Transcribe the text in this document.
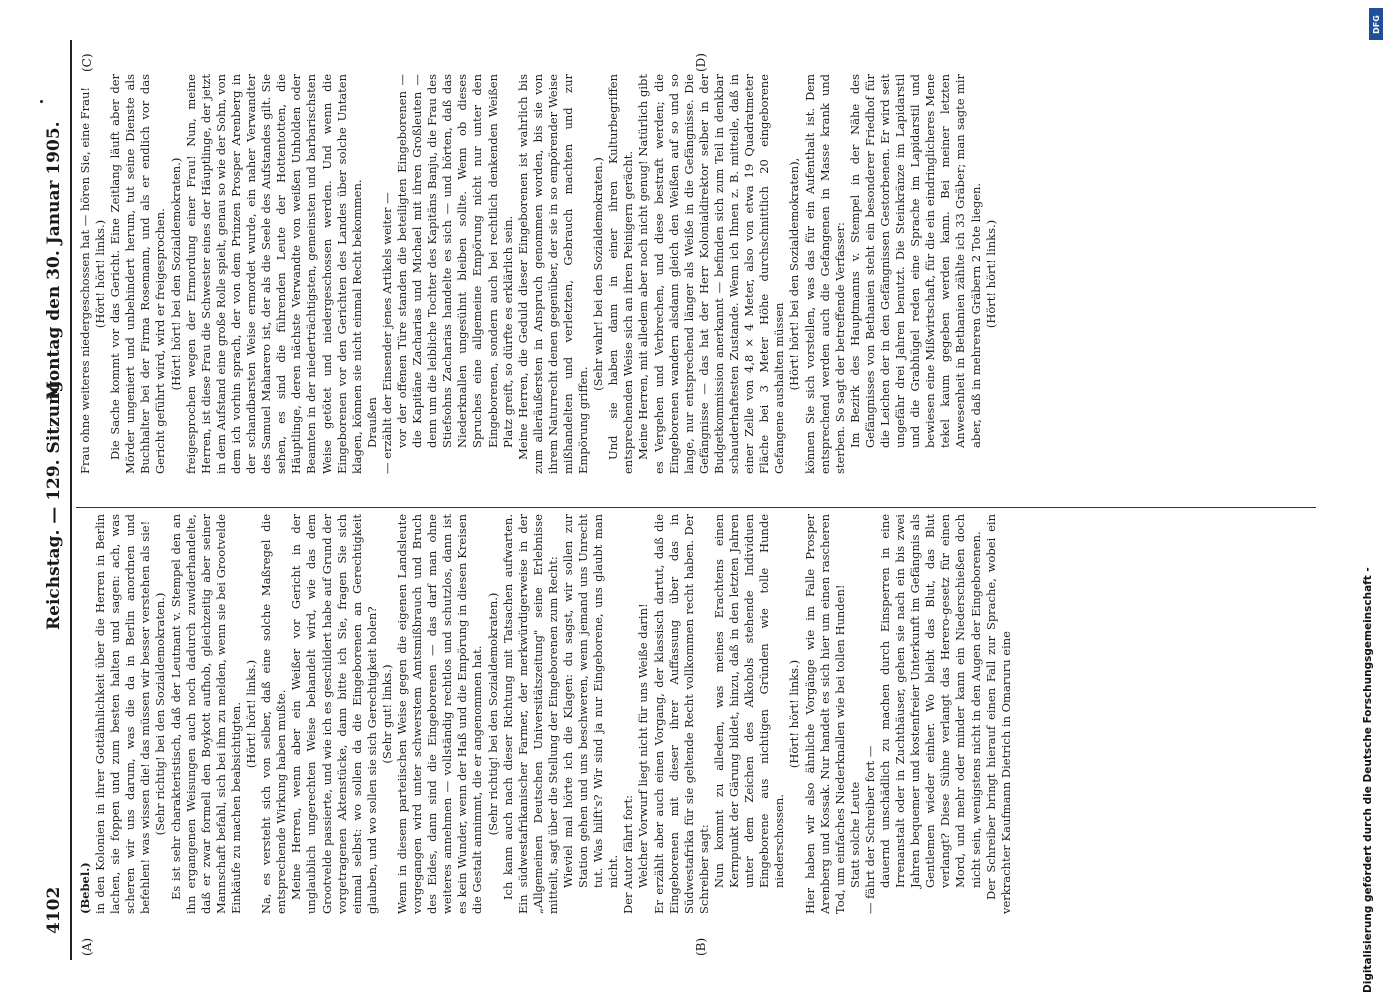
4102
Reichstag. — 129. Sitzung.
Montag den 30. Januar 1905.
(A)	(B)
(C)	(D)

(Bebel.) in den Kolonien in ihrer Gottähnlichkeit über die Herren in Berlin lachen, sie foppen und zum besten halten und sagen: ach, was scheren wir uns darum, was die da in Berlin anordnen und befehlen! was wissen die! das müssen wir besser verstehen als sie! (Sehr richtig! bei den Sozialdemokraten.) Es ist sehr charakteristisch, daß der Leutnant v. Stempel den an ihn ergangenen Weisungen auch noch dadurch zuwiderhandelte, daß er zwar formell den Boykott aufhob, gleichzeitig aber seiner Mannschaft befahl, sich bei ihm zu melden, wenn sie bei Grootvelde Einkäufe zu machen beabsichtigten. (Hört! hört! links.) Na, es versteht sich von selber, daß eine solche Maßregel die entsprechende Wirkung haben mußte. Meine Herren, wenn aber ein Weißer vor Gericht in der unglaublich ungerechten Weise behandelt wird, wie das dem Grootvelde passierte, und wie ich es geschildert habe auf Grund der vorgetragenen Aktenstücke, dann bitte ich Sie, fragen Sie sich einmal selbst: wo sollen da die Eingeborenen an Gerechtigkeit glauben, und wo sollen sie sich Gerechtigkeit holen? (Sehr gut! links.) Wenn in diesem parteiischen Weise gegen die eigenen Landsleute vorgegangen wird unter schwerstem Amtsmißbrauch und Bruch des Eides, dann sind die Eingeborenen — das darf man ohne weiteres annehmen — vollständig rechtlos und schutzlos, dann ist es kein Wunder, wenn der Haß und die Empörung in diesen Kreisen die Gestalt annimmt, die er angenommen hat. (Sehr richtig! bei den Sozialdemokraten.) Ich kann auch nach dieser Richtung mit Tatsachen aufwarten. Ein südwestafrikanischer Farmer, der merkwürdigerweise in der „Allgemeinen Deutschen Universitätszeitung" seine Erlebnisse mitteilt, sagt über die Stellung der Eingeborenen zum Recht: Wieviel mal hörte ich die Klagen: du sagst, wir sollen zur Station gehen und uns beschweren, wenn jemand uns Unrecht tut. Was hilft's? Wir sind ja nur Eingeborene, uns glaubt man nicht. Der Autor fährt fort: Welcher Vorwurf liegt nicht für uns Weiße darin! Er erzählt aber auch einen Vorgang, der klassisch dartut, daß die Eingeborenen mit dieser ihrer Auffassung über das in Südwestafrika für sie geltende Recht vollkommen recht haben. Der Schreiber sagt: Nun kommt zu alledem, was meines Erachtens einen Kernpunkt der Gärung bildet, hinzu, daß in den letzten Jahren unter dem Zeichen des Alkohols stehende Individuen Eingeborene aus nichtigen Gründen wie tolle Hunde niederschossen.

(Hört! hört! links.) Hier haben wir also ähnliche Vorgänge wie im Falle Prosper Arenberg und Kossak. Nur handelt es sich hier um einen rascheren Tod, um einfaches Niederknallen wie bei tollen Hunden! Statt solche Leute — fährt der Schreiber fort — dauernd unschädlich zu machen durch Einsperren in eine Irrenanstalt oder in Zuchthäuser, gehen sie nach ein bis zwei Jahren bequemer und kostenfreier Unterkunft im Gefängnis als Gentlemen wieder einher. Wo bleibt das Blut, das Blut verlangt? Diese Sühne verlangt das Herero-gesetz für einen Mord, und mehr oder minder kann ein Niederschießen doch nicht sein, wenigstens nicht in den Augen der Eingeborenen. Der Schreiber bringt hierauf einen Fall zur Sprache, wobei ein verkrachter Kaufmann Dietrich in Omaruru eine

Frau ohne weiteres niedergeschossen hat — hören Sie, eine Frau! (Hört! hört! links.) Die Sache kommt vor das Gericht. Eine Zeitlang läuft aber der Mörder ungeniert und unbehindert herum, tut seine Dienste als Buchhalter bei der Firma Rosemann, und als er endlich vor das Gericht geführt wird, wird er freigesprochen. (Hört! hört! bei den Sozialdemokraten.) freigesprochen wegen der Ermordung einer Frau! Nun, meine Herren, ist diese Frau die Schwester eines der Häuptlinge, der jetzt in dem Aufstand eine große Rolle spielt, genau so wie der Sohn, von dem ich vorhin sprach, der von dem Prinzen Prosper Arenberg in der schandbarsten Weise ermordet wurde, ein naher Verwandter des Samuel Maharero ist, der als die Seele des Aufstandes gilt. Sie sehen, es sind die führenden Leute der Hottentotten, die Häuptlinge, deren nächste Verwandte von weißen Unholden oder Beamten in der niederträchtigsten, gemeinsten und barbarischsten Weise getötet und niedergeschossen werden. Und wenn die Eingeborenen vor den Gerichten des Landes über solche Untaten klagen, können sie nicht einmal Recht bekommen. Draußen — erzählt der Einsender jenes Artikels weiter — vor der offenen Türe standen die beteiligten Eingeborenen — die Kapitäne Zacharias und Michael mit ihren Großleuten — denn um die leibliche Tochter des Kapitäns Banju, die Frau des Stiefsohns Zacharias handelte es sich — und hörten, daß das Niederknallen ungesühnt bleiben sollte. Wenn ob dieses Spruches eine allgemeine Empörung nicht nur unter den Eingeborenen, sondern auch bei rechtlich denkenden Weißen Platz greift, so dürfte es erklärlich sein. Meine Herren, die Geduld dieser Eingeborenen ist wahrlich bis zum alleräußersten in Anspruch genommen worden, bis sie von ihrem Naturrecht denen gegenüber, der sie in so empörender Weise mißhandelten und verletzten, Gebrauch machten und zur Empörung griffen.

(Sehr wahr! bei den Sozialdemokraten.) Und sie haben dann in einer ihren Kulturbegriffen entsprechenden Weise sich an ihren Peinigern gerächt. Meine Herren, mit alledem aber noch nicht genug! Natürlich gibt es Vergehen und Verbrechen, und diese bestraft werden; die Eingeborenen wandern alsdann gleich den Weißen auf so und so lange, nur entsprechend länger als Weiße in die Gefängnisse. Die Gefängnisse — das hat der Herr Kolonialdirektor selber in der Budgetkommission anerkannt — befinden sich zum Teil in denkbar schauderhaftesten Zustande. Wenn ich Ihnen z. B. mitteile, daß in einer Zelle von 4,8 × 4 Meter, also von etwa 19 Quadratmeter Fläche bei 3 Meter Höhe durchschnittlich 20 eingeborene Gefangene aushalten müssen (Hört! hört! bei den Sozialdemokraten), können Sie sich vorstellen, was das für ein Aufenthalt ist. Dem entsprechend werden auch die Gefangenen in Masse krank und sterben. So sagt der betreffende Verfasser: Im Bezirk des Hauptmanns v. Stempel in der Nähe des Gefängnisses von Bethanien steht ein besonderer Friedhof für die Leichen der in den Gefängnissen Gestorbenen. Er wird seit ungefähr drei Jahren benutzt. Die Steinkränze im Lapidarstil und die Grabhügel reden eine Sprache im Lapidarstil und bewiesen eine Mißwirtschaft, für die ein eindringlicheres Mene tekel kaum gegeben werden kann. Bei meiner letzten Anwesenheit in Bethanien zählte ich 33 Gräber; man sagte mir aber, daß in mehreren Gräbern 2 Tote liegen. (Hört! hört! links.)

DFG
Digitalisierung gefördert durch die Deutsche Forschungsgemeinschaft -
